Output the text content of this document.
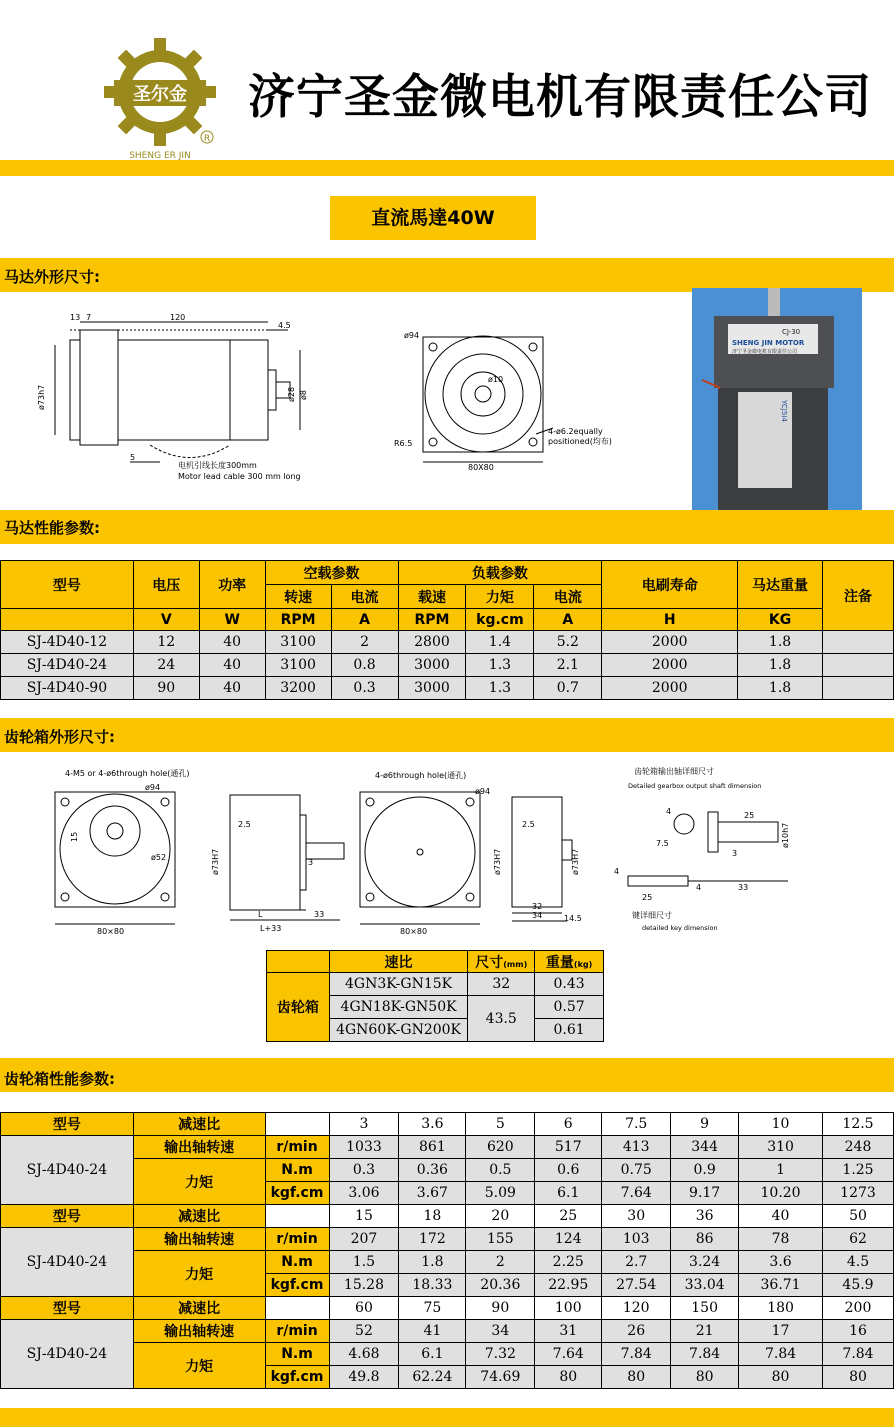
圣尔金
SHENG ER JIN
R
济宁圣金微电机有限责任公司
直流馬達40W
马达外形尺寸:
120
13 7
4.5
5
ø73h7	ø28 ø8
电机引线长度300mm
Motor lead cable 300 mm long
ø94
ø10
R6.5
80X80
4-ø6.2equally
positioned(均布)
CJ-30
SHENG JIN MOTOR
济宁圣金微电机有限责任公司
YCJ5I4
马达性能参数:
型号	电压	功率	空载参数		负载参数			电刷寿命	马达重量	注备
			转速	电流	载速	力矩	电流			
	V	W	RPM	A	RPM	kg.cm	A	H	KG	
SJ-4D40-12	12	40	3100	2	2800	1.4	5.2	2000	1.8	
SJ-4D40-24	24	40	3100	0.8	3000	1.3	2.1	2000	1.8	
SJ-4D40-90	90	40	3200	0.3	3000	1.3	0.7	2000	1.8	
齿轮箱外形尺寸:
4-M5 or 4-ø6through hole(通孔)
ø94
15
ø52
80×80
ø73H7
2.5
3
L	33
L+33
4-ø6through hole(通孔)
ø94
80×80
ø73H7
2.5
ø73H7
32
34	14.5
齿轮箱输出轴详细尺寸
Detailed gearbox output shaft dimension
4
7.5
25
3
ø10h7
4
4
25
33
键详细尺寸
detailed key dimension
	速比	尺寸(mm)	重量(kg)
齿轮箱	4GN3K-GN15K	32	0.43
	4GN18K-GN50K	43.5	0.57
	4GN60K-GN200K		0.61
齿轮箱性能参数:
型号	减速比		3	3.6	5	6	7.5	9	10	12.5
SJ-4D40-24	输出轴转速	r/min	1033	861	620	517	413	344	310	248
	力矩	N.m	0.3	0.36	0.5	0.6	0.75	0.9	1	1.25
		kgf.cm	3.06	3.67	5.09	6.1	7.64	9.17	10.20	1273
型号	减速比		15	18	20	25	30	36	40	50
SJ-4D40-24	输出轴转速	r/min	207	172	155	124	103	86	78	62
	力矩	N.m	1.5	1.8	2	2.25	2.7	3.24	3.6	4.5
		kgf.cm	15.28	18.33	20.36	22.95	27.54	33.04	36.71	45.9
型号	减速比		60	75	90	100	120	150	180	200
SJ-4D40-24	输出轴转速	r/min	52	41	34	31	26	21	17	16
	力矩	N.m	4.68	6.1	7.32	7.64	7.84	7.84	7.84	7.84
		kgf.cm	49.8	62.24	74.69	80	80	80	80	80
